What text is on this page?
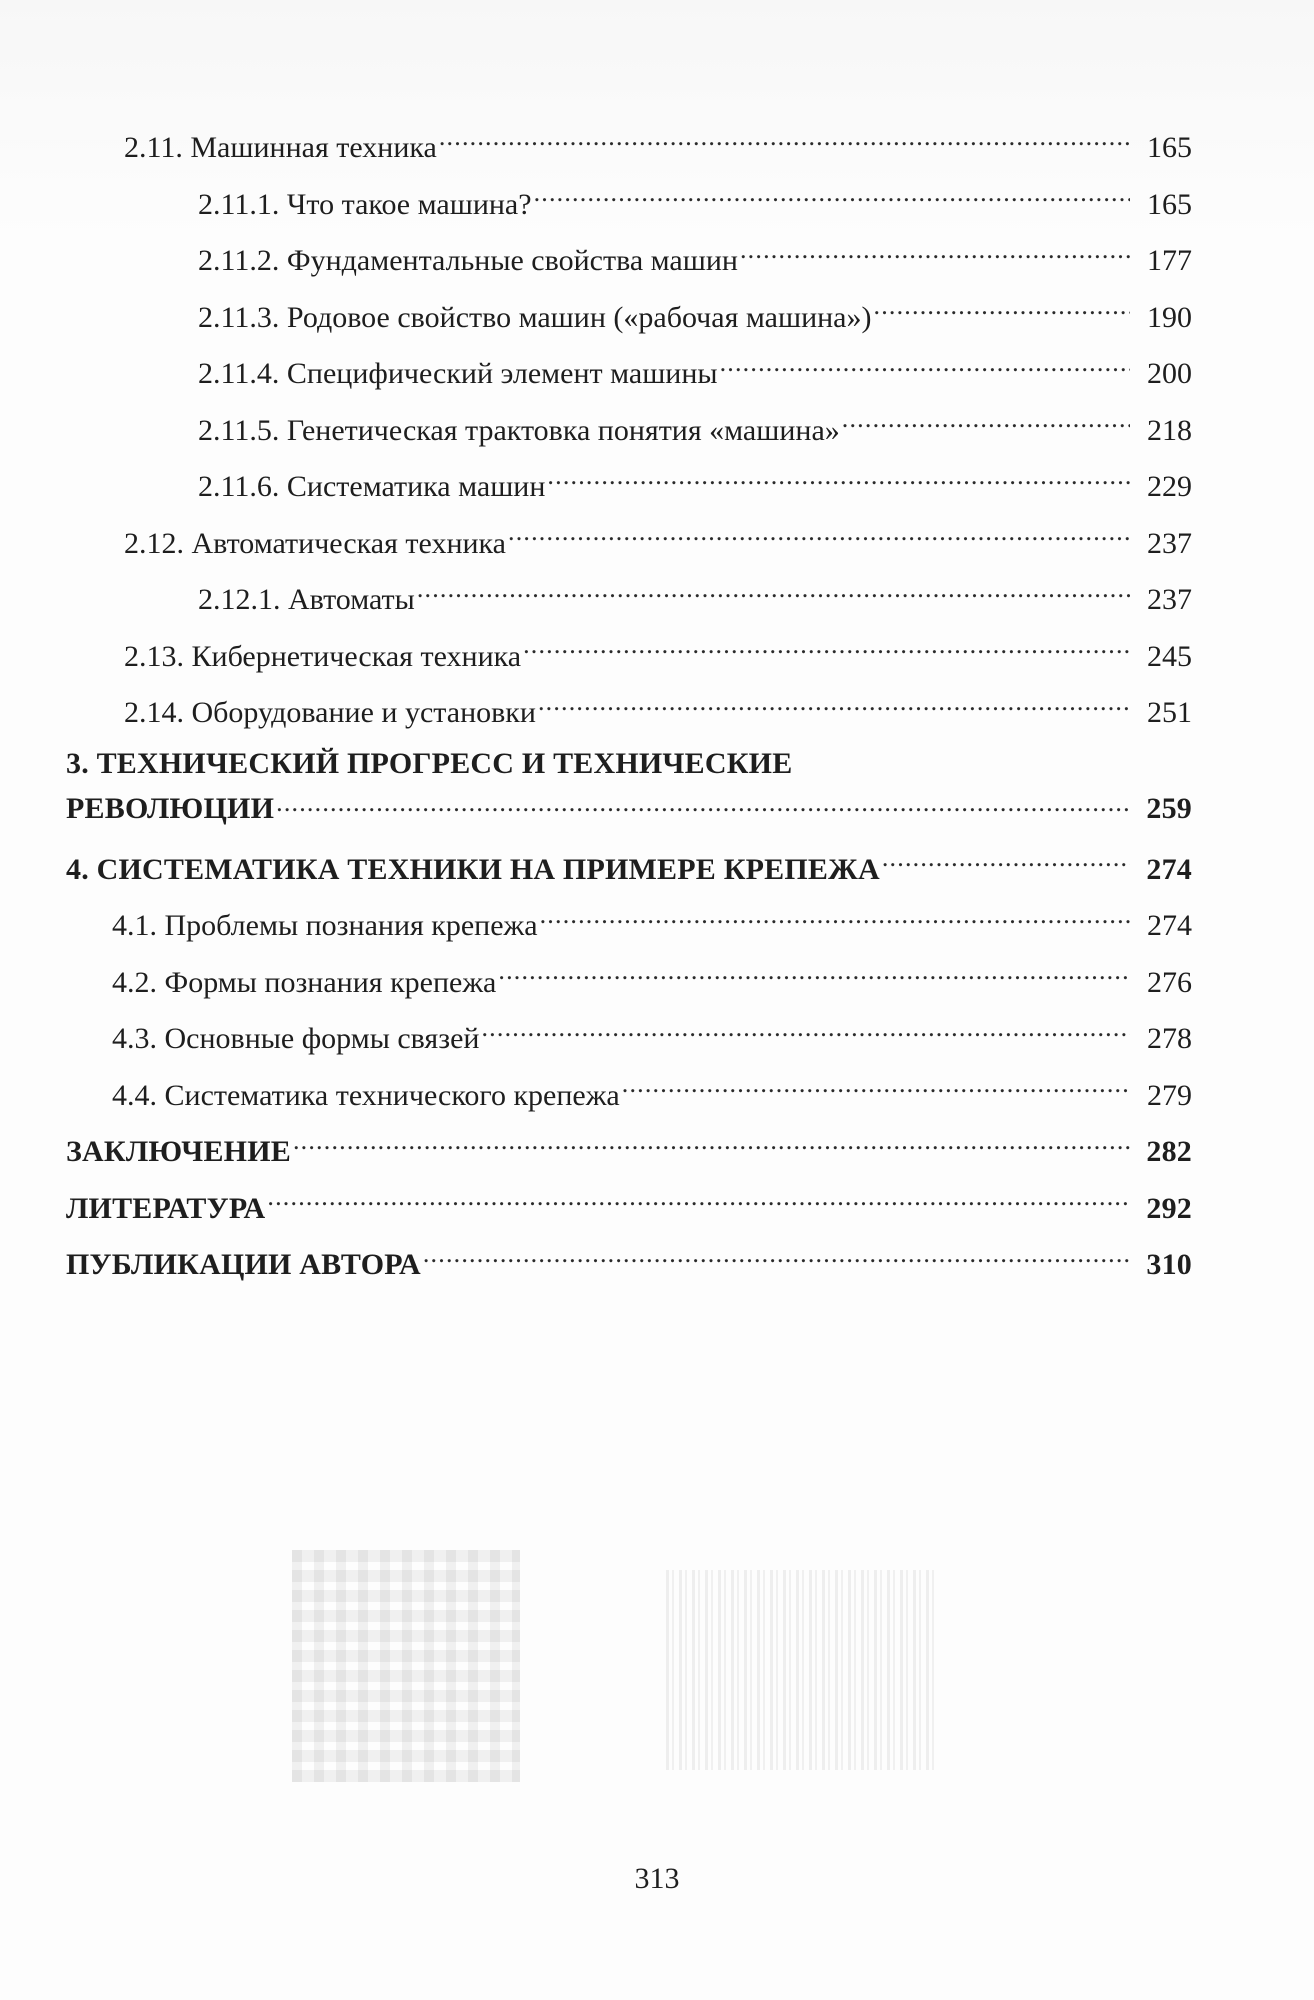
2.11. Машинная техника .....	165
2.11.1. Что такое машина? .....	165
2.11.2. Фундаментальные свойства машин .....	177
2.11.3. Родовое свойство машин («рабочая машина») .....	190
2.11.4. Специфический элемент машины .....	200
2.11.5. Генетическая трактовка понятия «машина» .....	218
2.11.6. Систематика машин .....	229
2.12. Автоматическая техника .....	237
2.12.1. Автоматы .....	237
2.13. Кибернетическая техника .....	245
2.14. Оборудование и установки .....	251
3. ТЕХНИЧЕСКИЙ ПРОГРЕСС И ТЕХНИЧЕСКИЕ
РЕВОЛЮЦИИ .....	259
4. СИСТЕМАТИКА ТЕХНИКИ НА ПРИМЕРЕ КРЕПЕЖА .....	274
4.1. Проблемы познания крепежа .....	274
4.2. Формы познания крепежа .....	276
4.3. Основные формы связей .....	278
4.4. Систематика технического крепежа .....	279
ЗАКЛЮЧЕНИЕ .....	282
ЛИТЕРАТУРА .....	292
ПУБЛИКАЦИИ АВТОРА .....	310
313
